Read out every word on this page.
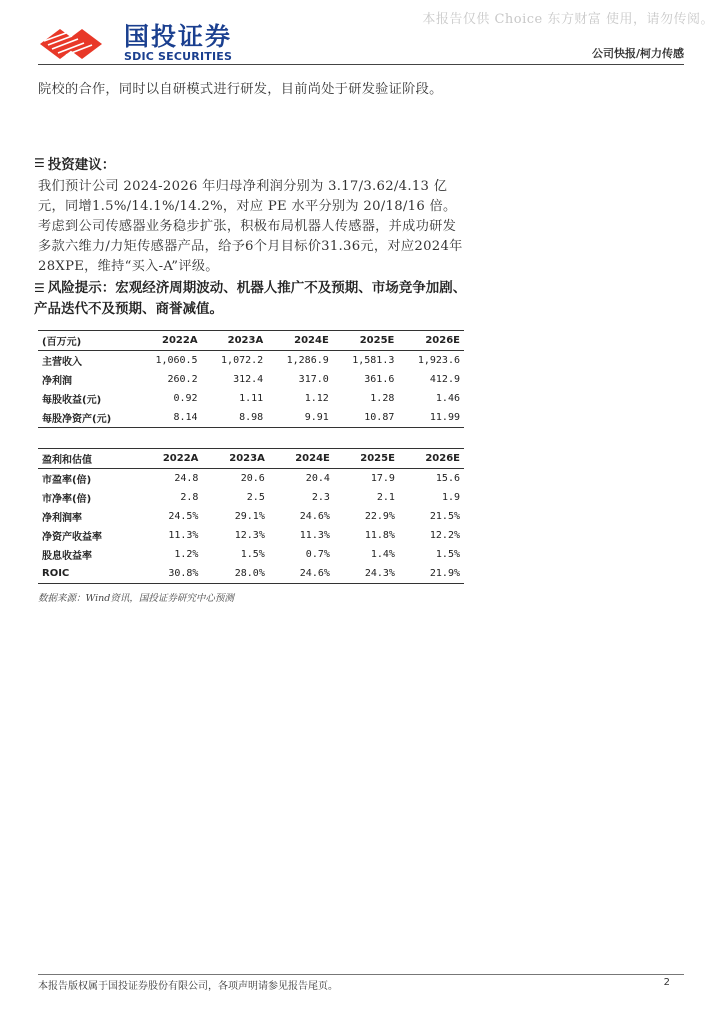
本报告仅供 Choice 东方财富 使用，请勿传阅。
国投证券
SDIC SECURITIES	公司快报/柯力传感
院校的合作，同时以自研模式进行研发，目前尚处于研发验证阶段。
☰ 投资建议：
我们预计公司 2024-2026 年归母净利润分别为 3.17/3.62/4.13 亿元，同增1.5%/14.1%/14.2%，对应 PE 水平分别为 20/18/16 倍。考虑到公司传感器业务稳步扩张，积极布局机器人传感器，并成功研发多款六维力/力矩传感器产品，给予6个月目标价31.36元，对应2024年28XPE，维持“买入-A”评级。
☰ 风险提示：宏观经济周期波动、机器人推广不及预期、市场竞争加剧、产品迭代不及预期、商誉减值。
(百万元)	2022A	2023A	2024E	2025E	2026E
主营收入	1,060.5	1,072.2	1,286.9	1,581.3	1,923.6
净利润	260.2	312.4	317.0	361.6	412.9
每股收益(元)	0.92	1.11	1.12	1.28	1.46
每股净资产(元)	8.14	8.98	9.91	10.87	11.99
盈利和估值	2022A	2023A	2024E	2025E	2026E
市盈率(倍)	24.8	20.6	20.4	17.9	15.6
市净率(倍)	2.8	2.5	2.3	2.1	1.9
净利润率	24.5%	29.1%	24.6%	22.9%	21.5%
净资产收益率	11.3%	12.3%	11.3%	11.8%	12.2%
股息收益率	1.2%	1.5%	0.7%	1.4%	1.5%
ROIC	30.8%	28.0%	24.6%	24.3%	21.9%
数据来源：Wind资讯，国投证券研究中心预测
本报告版权属于国投证券股份有限公司，各项声明请参见报告尾页。	2
